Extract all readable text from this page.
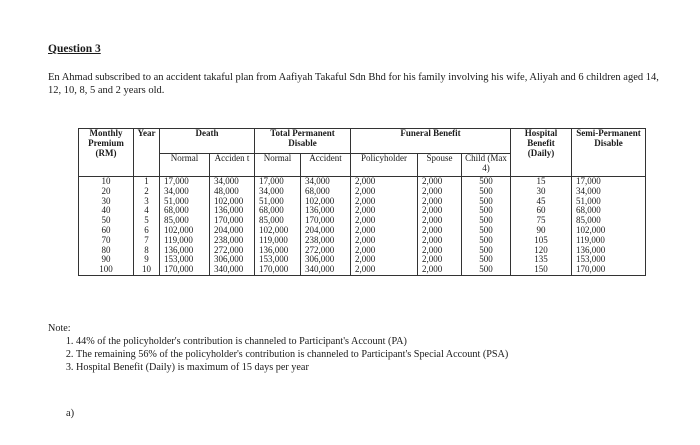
Question 3
En Ahmad subscribed to an accident takaful plan from Aafiyah Takaful Sdn Bhd for his family involving his wife, Aliyah and 6 children aged 14, 12, 10, 8, 5 and 2 years old.
Monthly Premium (RM)	Year	Death		Total Permanent Disable		Funeral Benefit			Hospital Benefit (Daily)	Semi-Permanent Disable
		Normal	Acciden t	Normal	Accident	Policyholder	Spouse	Child (Max 4)		
10	1	17,000	34,000	17,000	34,000	2,000	2,000	500	15	17,000
20	2	34,000	48,000	34,000	68,000	2,000	2,000	500	30	34,000
30	3	51,000	102,000	51,000	102,000	2,000	2,000	500	45	51,000
40	4	68,000	136,000	68,000	136,000	2,000	2,000	500	60	68,000
50	5	85,000	170,000	85,000	170,000	2,000	2,000	500	75	85,000
60	6	102,000	204,000	102,000	204,000	2,000	2,000	500	90	102,000
70	7	119,000	238,000	119,000	238,000	2,000	2,000	500	105	119,000
80	8	136,000	272,000	136,000	272,000	2,000	2,000	500	120	136,000
90	9	153,000	306,000	153,000	306,000	2,000	2,000	500	135	153,000
100	10	170,000	340,000	170,000	340,000	2,000	2,000	500	150	170,000
Note:
1. 44% of the policyholder's contribution is channeled to Participant's Account (PA)
2. The remaining 56% of the policyholder's contribution is channeled to Participant's Special Account (PSA)
3. Hospital Benefit (Daily) is maximum of 15 days per year
a)
